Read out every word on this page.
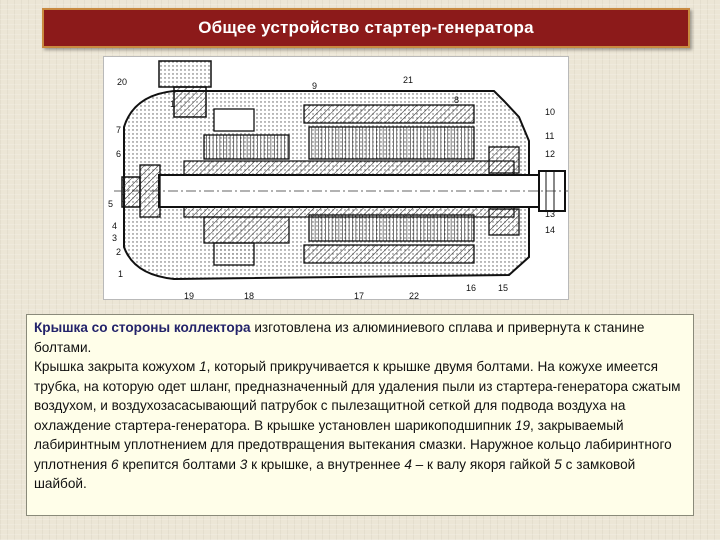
Общее устройство стартер-генератора
20
1
7
6
5
4
3
2
1
9
21
8
10
11
12
13
14
19	18	17	22
16 15

Крышка со стороны коллектора изготовлена из алюминиевого сплава и привернута к станине болтами.

Крышка закрыта кожухом 1, который прикручивается к крышке двумя болтами. На кожухе имеется трубка, на которую одет шланг, предназначенный для удаления пыли из стартера-генератора сжатым воздухом, и воздухозасасывающий патрубок с пылезащитной сеткой для подвода воздуха на охлаждение стартера-генератора. В крышке установлен шарикоподшипник 19, закрываемый лабиринтным уплотнением для предотвращения вытекания смазки. Наружное кольцо лабиринтного уплотнения 6 крепится болтами 3 к крышке, а внутреннее 4 – к валу якоря гайкой 5 с замковой шайбой.
